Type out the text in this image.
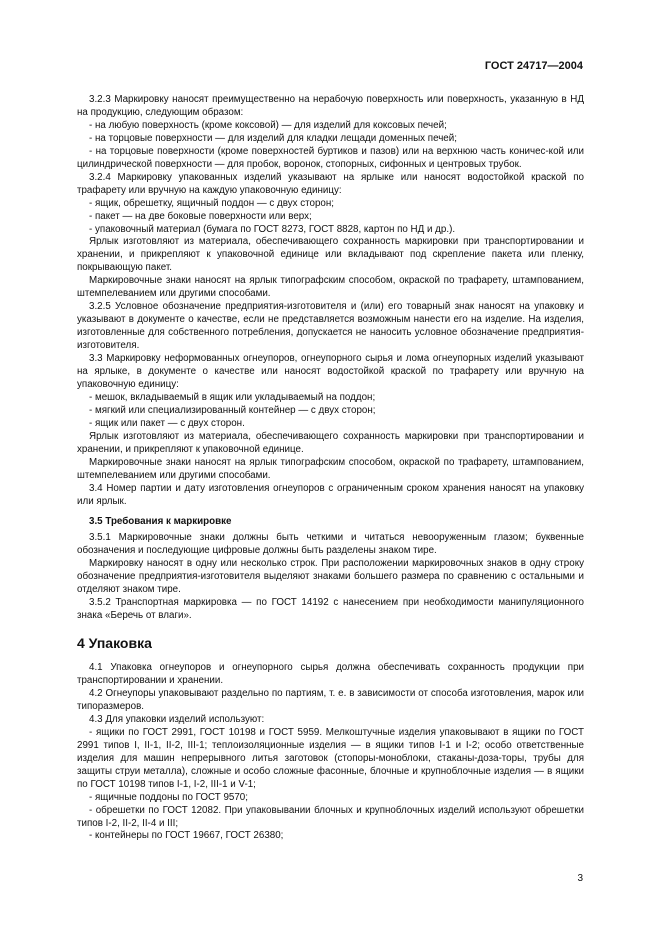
ГОСТ 24717—2004

3.2.3 Маркировку наносят преимущественно на нерабочую поверхность или поверхность, указанную в НД на продукцию, следующим образом:

- на любую поверхность (кроме коксовой) — для изделий для коксовых печей;

- на торцовые поверхности — для изделий для кладки лещади доменных печей;

- на торцовые поверхности (кроме поверхностей буртиков и пазов) или на верхнюю часть коничес-кой или цилиндрической поверхности — для пробок, воронок, стопорных, сифонных и центровых трубок.

3.2.4 Маркировку упакованных изделий указывают на ярлыке или наносят водостойкой краской по трафарету или вручную на каждую упаковочную единицу:

- ящик, обрешетку, ящичный поддон — с двух сторон;

- пакет — на две боковые поверхности или верх;

- упаковочный материал (бумага по ГОСТ 8273, ГОСТ 8828, картон по НД и др.).

Ярлык изготовляют из материала, обеспечивающего сохранность маркировки при транспортировании и хранении, и прикрепляют к упаковочной единице или вкладывают под скрепление пакета или пленку, покрывающую пакет.

Маркировочные знаки наносят на ярлык типографским способом, окраской по трафарету, штампованием, штемпелеванием или другими способами.

3.2.5 Условное обозначение предприятия-изготовителя и (или) его товарный знак наносят на упаковку и указывают в документе о качестве, если не представляется возможным нанести его на изделие. На изделия, изготовленные для собственного потребления, допускается не наносить условное обозначение предприятия-изготовителя.

3.3 Маркировку неформованных огнеупоров, огнеупорного сырья и лома огнеупорных изделий указывают на ярлыке, в документе о качестве или наносят водостойкой краской по трафарету или вручную на упаковочную единицу:

- мешок, вкладываемый в ящик или укладываемый на поддон;

- мягкий или специализированный контейнер — с двух сторон;

- ящик или пакет — с двух сторон.

Ярлык изготовляют из материала, обеспечивающего сохранность маркировки при транспортировании и хранении, и прикрепляют к упаковочной единице.

Маркировочные знаки наносят на ярлык типографским способом, окраской по трафарету, штампованием, штемпелеванием или другими способами.

3.4 Номер партии и дату изготовления огнеупоров с ограниченным сроком хранения наносят на упаковку или ярлык.

3.5 Требования к маркировке

3.5.1 Маркировочные знаки должны быть четкими и читаться невооруженным глазом; буквенные обозначения и последующие цифровые должны быть разделены знаком тире.

Маркировку наносят в одну или несколько строк. При расположении маркировочных знаков в одну строку обозначение предприятия-изготовителя выделяют знаками большего размера по сравнению с остальными и отделяют знаком тире.

3.5.2 Транспортная маркировка — по ГОСТ 14192 с нанесением при необходимости манипуляционного знака «Беречь от влаги».

4 Упаковка

4.1 Упаковка огнеупоров и огнеупорного сырья должна обеспечивать сохранность продукции при транспортировании и хранении.

4.2 Огнеупоры упаковывают раздельно по партиям, т. е. в зависимости от способа изготовления, марок или типоразмеров.

4.3 Для упаковки изделий используют:

- ящики по ГОСТ 2991, ГОСТ 10198 и ГОСТ 5959. Мелкоштучные изделия упаковывают в ящики по ГОСТ 2991 типов I, II-1, II-2, III-1; теплоизоляционные изделия — в ящики типов I-1 и I-2; особо ответственные изделия для машин непрерывного литья заготовок (стопоры-моноблоки, стаканы-доза-торы, трубы для защиты струи металла), сложные и особо сложные фасонные, блочные и крупноблочные изделия — в ящики по ГОСТ 10198 типов I-1, I-2, III-1 и V-1;

- ящичные поддоны по ГОСТ 9570;

- обрешетки по ГОСТ 12082. При упаковывании блочных и крупноблочных изделий используют обрешетки типов I-2, II-2, II-4 и III;

- контейнеры по ГОСТ 19667, ГОСТ 26380;

3
